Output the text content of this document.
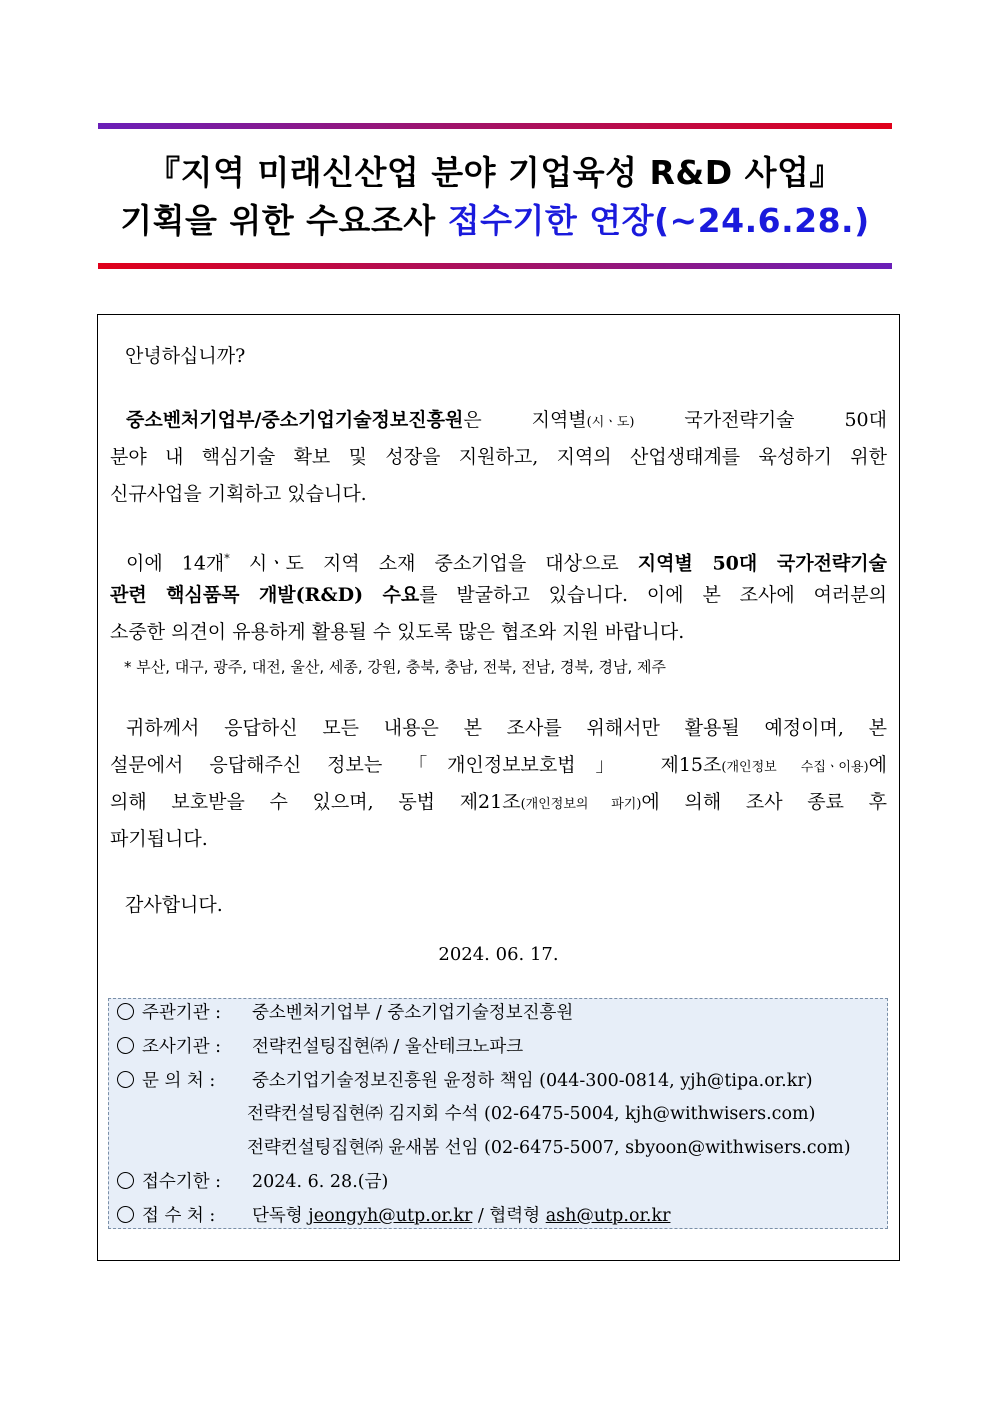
『지역 미래신산업 분야 기업육성 R&D 사업』
기획을 위한 수요조사 접수기한 연장(~24.6.28.)
안녕하십니까?
중소벤처기업부/중소기업기술정보진흥원은 지역별(시ㆍ도) 국가전략기술 50대
분야 내 핵심기술 확보 및 성장을 지원하고, 지역의 산업생태계를 육성하기 위한
신규사업을 기획하고 있습니다.
이에 14개* 시ㆍ도 지역 소재 중소기업을 대상으로 지역별 50대 국가전략기술
관련 핵심품목 개발(R&D) 수요를 발굴하고 있습니다. 이에 본 조사에 여러분의
소중한 의견이 유용하게 활용될 수 있도록 많은 협조와 지원 바랍니다.
* 부산, 대구, 광주, 대전, 울산, 세종, 강원, 충북, 충남, 전북, 전남, 경북, 경남, 제주
귀하께서 응답하신 모든 내용은 본 조사를 위해서만 활용될 예정이며, 본
설문에서 응답해주신 정보는 「개인정보보호법」 제15조(개인정보 수집ㆍ이용)에
의해 보호받을 수 있으며, 동법 제21조(개인정보의 파기)에 의해 조사 종료 후
파기됩니다.
감사합니다.
2024. 06. 17.
주관기관 : 중소벤처기업부 / 중소기업기술정보진흥원
조사기관 : 전략컨설팅집현㈜ / 울산테크노파크
문 의 처 : 중소기업기술정보진흥원 윤정하 책임 (044-300-0814, yjh@tipa.or.kr)
전략컨설팅집현㈜ 김지회 수석 (02-6475-5004, kjh@withwisers.com)
전략컨설팅집현㈜ 윤새봄 선임 (02-6475-5007, sbyoon@withwisers.com)
접수기한 : 2024. 6. 28.(금)
접 수 처 : 단독형 jeongyh@utp.or.kr / 협력형 ash@utp.or.kr
